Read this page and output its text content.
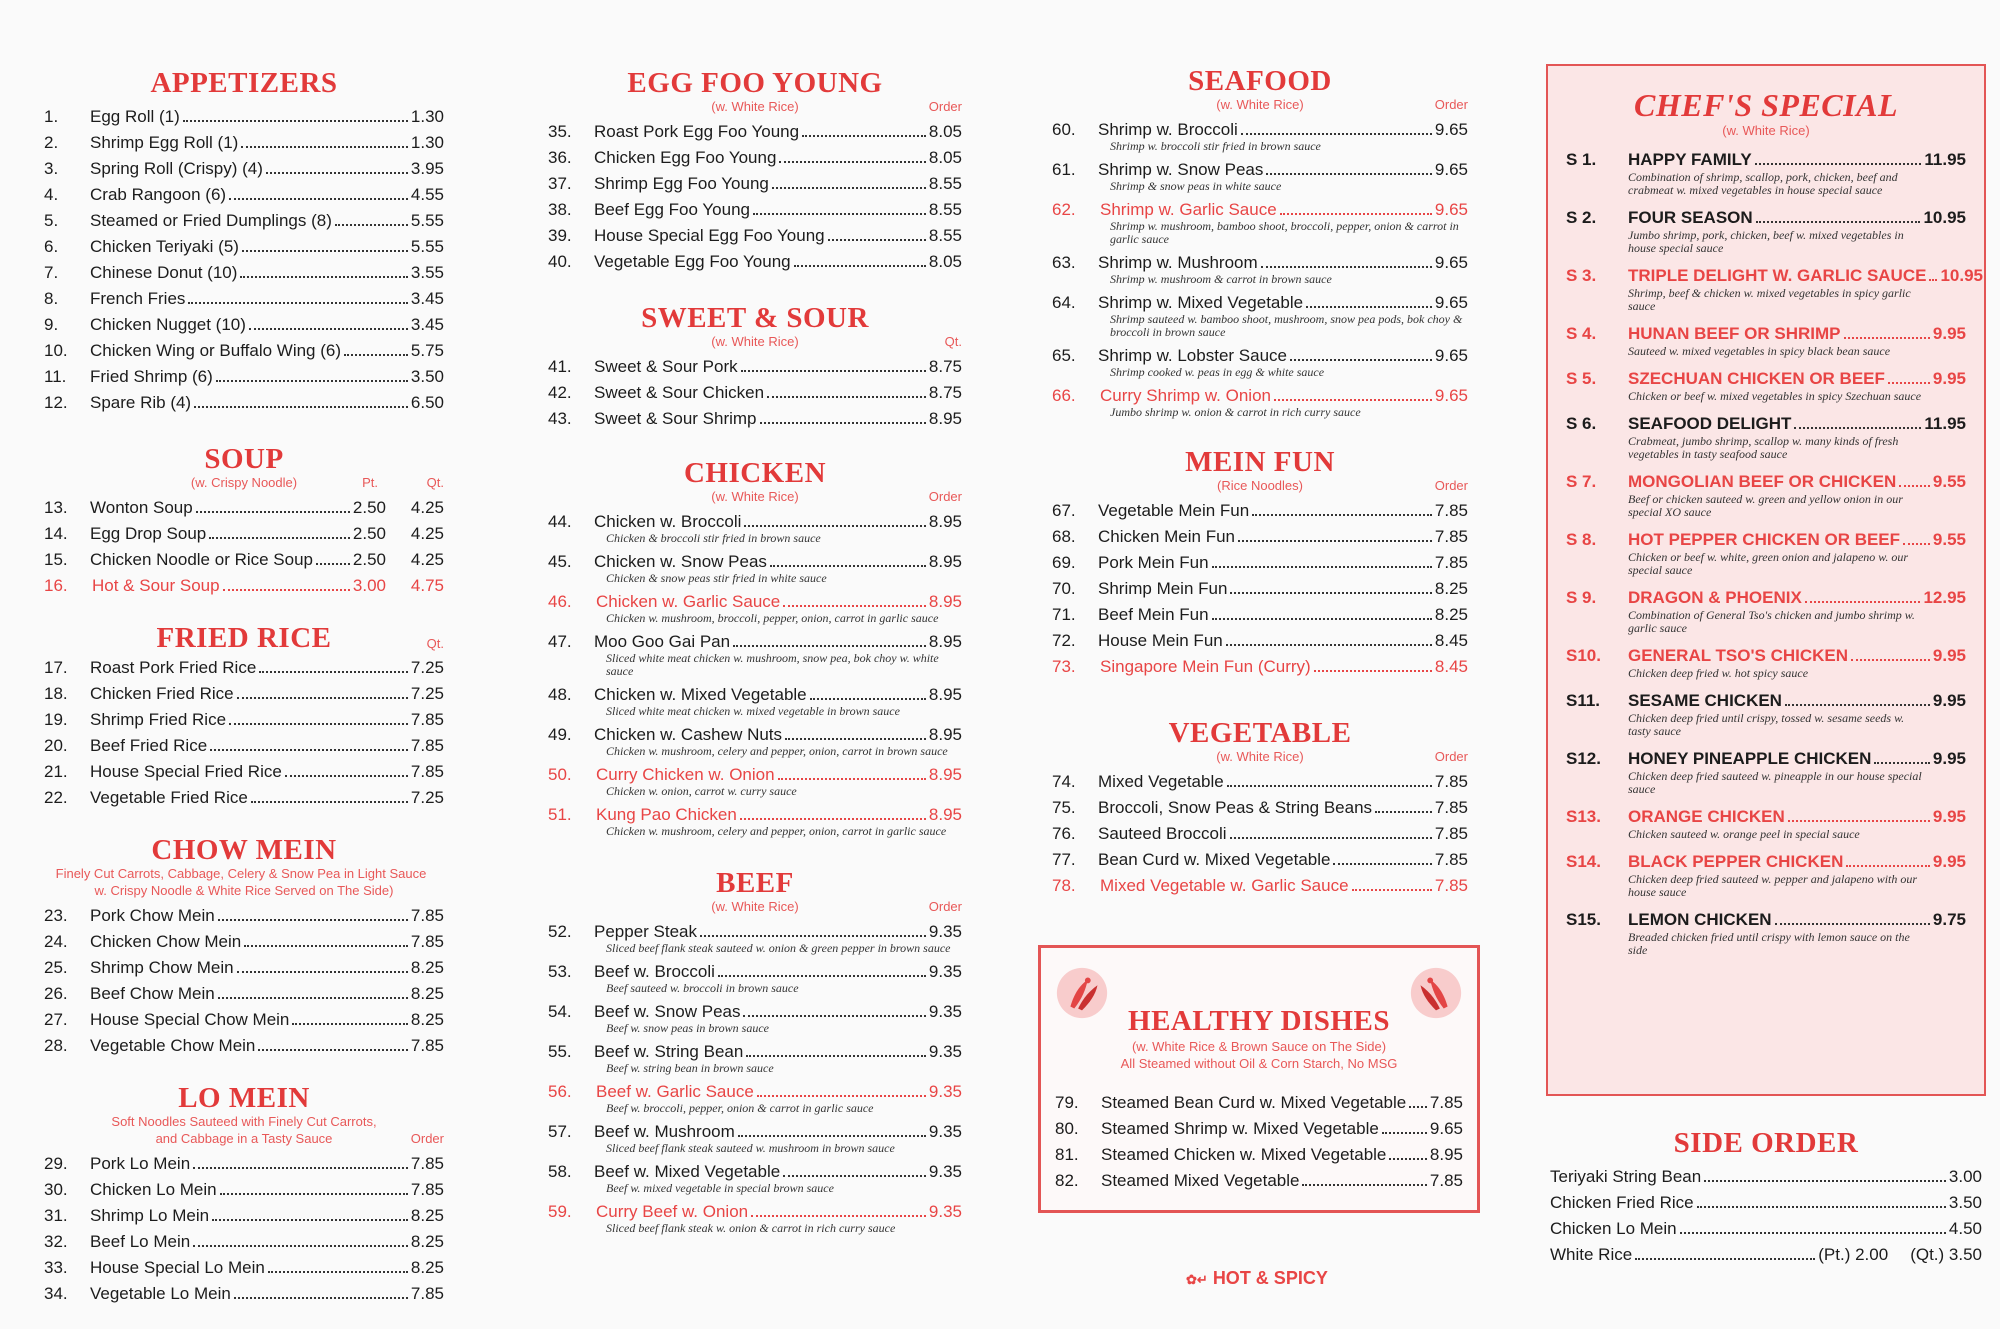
APPETIZERS
1.	Egg Roll (1)	1.30
2.	Shrimp Egg Roll (1)	1.30
3.	Spring Roll (Crispy) (4)	3.95
4.	Crab Rangoon (6)	4.55
5.	Steamed or Fried Dumplings (8)	5.55
6.	Chicken Teriyaki (5)	5.55
7.	Chinese Donut (10)	3.55
8.	French Fries	3.45
9.	Chicken Nugget (10)	3.45
10.	Chicken Wing or Buffalo Wing (6)	5.75
11.	Fried Shrimp (6)	3.50
12.	Spare Rib (4)	6.50
SOUP
(w. Crispy Noodle)	Pt.	Qt.
13.	Wonton Soup	2.50	4.25
14.	Egg Drop Soup	2.50	4.25
15.	Chicken Noodle or Rice Soup 2.50	4.25
16.	Hot & Sour Soup	3.00	4.75
FRIED RICE	Qt.
17.	Roast Pork Fried Rice	7.25
18.	Chicken Fried Rice	7.25
19.	Shrimp Fried Rice	7.85
20.	Beef Fried Rice	7.85
21.	House Special Fried Rice	7.85
22.	Vegetable Fried Rice	7.25
CHOW MEIN
Finely Cut Carrots, Cabbage, Celery & Snow Pea in Light Sauce
w. Crispy Noodle & White Rice Served on The Side)
23.	Pork Chow Mein	7.85
24.	Chicken Chow Mein	7.85
25.	Shrimp Chow Mein	8.25
26.	Beef Chow Mein	8.25
27.	House Special Chow Mein	8.25
28.	Vegetable Chow Mein	7.85
LO MEIN
Soft Noodles Sauteed with Finely Cut Carrots,
and Cabbage in a Tasty Sauce	Order
29.	Pork Lo Mein	7.85
30.	Chicken Lo Mein	7.85
31.	Shrimp Lo Mein	8.25
32.	Beef Lo Mein	8.25
33.	House Special Lo Mein	8.25
34.	Vegetable Lo Mein	7.85
EGG FOO YOUNG
(w. White Rice)	Order
35.	Roast Pork Egg Foo Young	8.05
36.	Chicken Egg Foo Young	8.05
37.	Shrimp Egg Foo Young	8.55
38.	Beef Egg Foo Young	8.55
39.	House Special Egg Foo Young	8.55
40.	Vegetable Egg Foo Young	8.05
SWEET & SOUR
(w. White Rice)	Qt.
41.	Sweet & Sour Pork	8.75
42.	Sweet & Sour Chicken	8.75
43.	Sweet & Sour Shrimp	8.95
CHICKEN
(w. White Rice)	Order
44.	Chicken w. Broccoli	8.95
Chicken & broccoli stir fried in brown sauce
45.	Chicken w. Snow Peas	8.95
Chicken & snow peas stir fried in white sauce
46.	Chicken w. Garlic Sauce	8.95
Chicken w. mushroom, broccoli, pepper, onion, carrot in garlic sauce
47.	Moo Goo Gai Pan	8.95
Sliced white meat chicken w. mushroom, snow pea, bok choy w. white sauce
48.	Chicken w. Mixed Vegetable	8.95
Sliced white meat chicken w. mixed vegetable in brown sauce
49.	Chicken w. Cashew Nuts	8.95
Chicken w. mushroom, celery and pepper, onion, carrot in brown sauce
50.	Curry Chicken w. Onion	8.95
Chicken w. onion, carrot w. curry sauce
51.	Kung Pao Chicken	8.95
Chicken w. mushroom, celery and pepper, onion, carrot in garlic sauce
BEEF
(w. White Rice)	Order
52.	Pepper Steak	9.35
Sliced beef flank steak sauteed w. onion & green pepper in brown sauce
53.	Beef w. Broccoli	9.35
Beef sauteed w. broccoli in brown sauce
54.	Beef w. Snow Peas	9.35
Beef w. snow peas in brown sauce
55.	Beef w. String Bean	9.35
Beef w. string bean in brown sauce
56.	Beef w. Garlic Sauce	9.35
Beef w. broccoli, pepper, onion & carrot in garlic sauce
57.	Beef w. Mushroom	9.35
Sliced beef flank steak sauteed w. mushroom in brown sauce
58.	Beef w. Mixed Vegetable	9.35
Beef w. mixed vegetable in special brown sauce
59.	Curry Beef w. Onion	9.35
Sliced beef flank steak w. onion & carrot in rich curry sauce
SEAFOOD
(w. White Rice)	Order
60.	Shrimp w. Broccoli	9.65
Shrimp w. broccoli stir fried in brown sauce
61.	Shrimp w. Snow Peas	9.65
Shrimp & snow peas in white sauce
62.	Shrimp w. Garlic Sauce	9.65
Shrimp w. mushroom, bamboo shoot, broccoli, pepper, onion & carrot in garlic sauce
63.	Shrimp w. Mushroom	9.65
Shrimp w. mushroom & carrot in brown sauce
64.	Shrimp w. Mixed Vegetable	9.65
Shrimp sauteed w. bamboo shoot, mushroom, snow pea pods, bok choy & broccoli in brown sauce
65.	Shrimp w. Lobster Sauce	9.65
Shrimp cooked w. peas in egg & white sauce
66.	Curry Shrimp w. Onion	9.65
Jumbo shrimp w. onion & carrot in rich curry sauce
MEIN FUN
(Rice Noodles)	Order
67.	Vegetable Mein Fun	7.85
68.	Chicken Mein Fun	7.85
69.	Pork Mein Fun	7.85
70.	Shrimp Mein Fun	8.25
71.	Beef Mein Fun	8.25
72.	House Mein Fun	8.45
73.	Singapore Mein Fun (Curry)	8.45
VEGETABLE
(w. White Rice)	Order
74.	Mixed Vegetable	7.85
75.	Broccoli, Snow Peas & String Beans	7.85
76.	Sauteed Broccoli	7.85
77.	Bean Curd w. Mixed Vegetable	7.85
78.	Mixed Vegetable w. Garlic Sauce	7.85
HEALTHY DISHES
(w. White Rice & Brown Sauce on The Side)
All Steamed without Oil & Corn Starch, No MSG
79.	Steamed Bean Curd w. Mixed Vegetable 7.85
80.	Steamed Shrimp w. Mixed Vegetable	9.65
81.	Steamed Chicken w. Mixed Vegetable	8.95
82.	Steamed Mixed Vegetable	7.85
✿↵ HOT & SPICY
CHEF'S SPECIAL
(w. White Rice)
S 1.	HAPPY FAMILY	11.95
Combination of shrimp, scallop, pork, chicken, beef and crabmeat w. mixed vegetables in house special sauce
S 2.	FOUR SEASON	10.95
Jumbo shrimp, pork, chicken, beef w. mixed vegetables in house special sauce
S 3.	TRIPLE DELIGHT W. GARLIC SAUCE 10.95
Shrimp, beef & chicken w. mixed vegetables in spicy garlic sauce
S 4.	HUNAN BEEF OR SHRIMP	9.95
Sauteed w. mixed vegetables in spicy black bean sauce
S 5.	SZECHUAN CHICKEN OR BEEF	9.95
Chicken or beef w. mixed vegetables in spicy Szechuan sauce
S 6.	SEAFOOD DELIGHT	11.95
Crabmeat, jumbo shrimp, scallop w. many kinds of fresh vegetables in tasty seafood sauce
S 7.	MONGOLIAN BEEF OR CHICKEN 9.55
Beef or chicken sauteed w. green and yellow onion in our special XO sauce
S 8.	HOT PEPPER CHICKEN OR BEEF 9.55
Chicken or beef w. white, green onion and jalapeno w. our special sauce
S 9.	DRAGON & PHOENIX	12.95
Combination of General Tso's chicken and jumbo shrimp w. garlic sauce
S10.	GENERAL TSO'S CHICKEN	9.95
Chicken deep fried w. hot spicy sauce
S11.	SESAME CHICKEN	9.95
Chicken deep fried until crispy, tossed w. sesame seeds w. tasty sauce
S12.	HONEY PINEAPPLE CHICKEN	9.95
Chicken deep fried sauteed w. pineapple in our house special sauce
S13.	ORANGE CHICKEN	9.95
Chicken sauteed w. orange peel in special sauce
S14.	BLACK PEPPER CHICKEN	9.95
Chicken deep fried sauteed w. pepper and jalapeno with our house sauce
S15.	LEMON CHICKEN	9.75
Breaded chicken fried until crispy with lemon sauce on the side
SIDE ORDER
Teriyaki String Bean	3.00
Chicken Fried Rice	3.50
Chicken Lo Mein	4.50
White Rice	(Pt.) 2.00 (Qt.) 3.50
